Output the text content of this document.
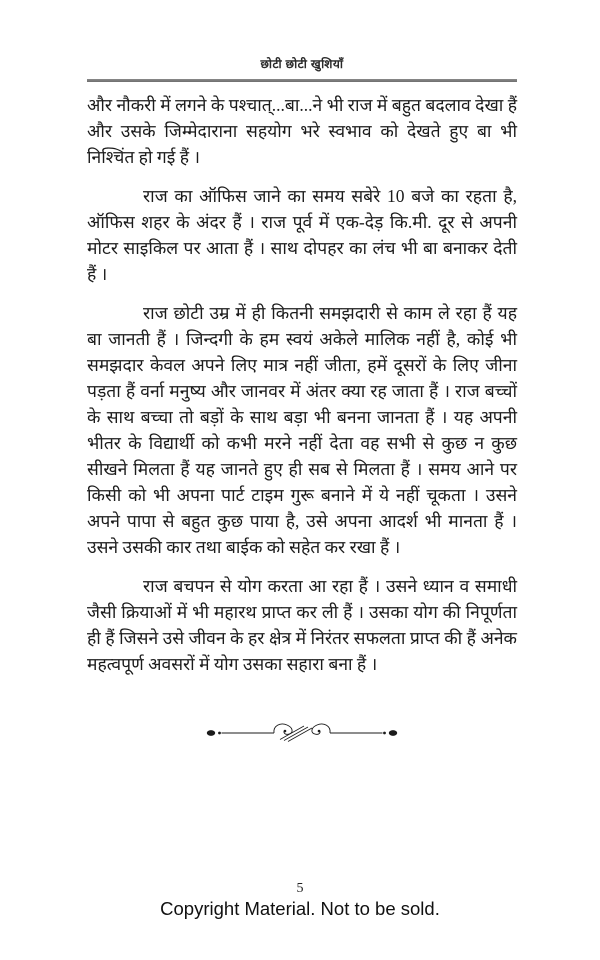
छोटी छोटी खुशियाँ

और नौकरी में लगने के पश्चात्...बा...ने भी राज में बहुत बदलाव देखा हैं और उसके जिम्मेदाराना सहयोग भरे स्वभाव को देखते हुए बा भी निश्चिंत हो गई हैं ।

राज का ऑफिस जाने का समय सबेरे 10 बजे का रहता है, ऑफिस शहर के अंदर हैं । राज पूर्व में एक-देड़ कि.मी. दूर से अपनी मोटर साइकिल पर आता हैं । साथ दोपहर का लंच भी बा बनाकर देती हैं ।

राज छोटी उम्र में ही कितनी समझदारी से काम ले रहा हैं यह बा जानती हैं । जिन्दगी के हम स्वयं अकेले मालिक नहीं है, कोई भी समझदार केवल अपने लिए मात्र नहीं जीता, हमें दूसरों के लिए जीना पड़ता हैं वर्ना मनुष्य और जानवर में अंतर क्या रह जाता हैं । राज बच्चों के साथ बच्चा तो बड़ों के साथ बड़ा भी बनना जानता हैं । यह अपनी भीतर के विद्यार्थी को कभी मरने नहीं देता वह सभी से कुछ न कुछ सीखने मिलता हैं यह जानते हुए ही सब से मिलता हैं । समय आने पर किसी को भी अपना पार्ट टाइम गुरू बनाने में ये नहीं चूकता । उसने अपने पापा से बहुत कुछ पाया है, उसे अपना आदर्श भी मानता हैं । उसने उसकी कार तथा बाईक को सहेत कर रखा हैं ।

राज बचपन से योग करता आ रहा हैं । उसने ध्यान व समाधी जैसी क्रियाओं में भी महारथ प्राप्त कर ली हैं । उसका योग की निपूर्णता ही हैं जिसने उसे जीवन के हर क्षेत्र में निरंतर सफलता प्राप्त की हैं अनेक महत्वपूर्ण अवसरों में योग उसका सहारा बना हैं ।

5
Copyright Material. Not to be sold.
